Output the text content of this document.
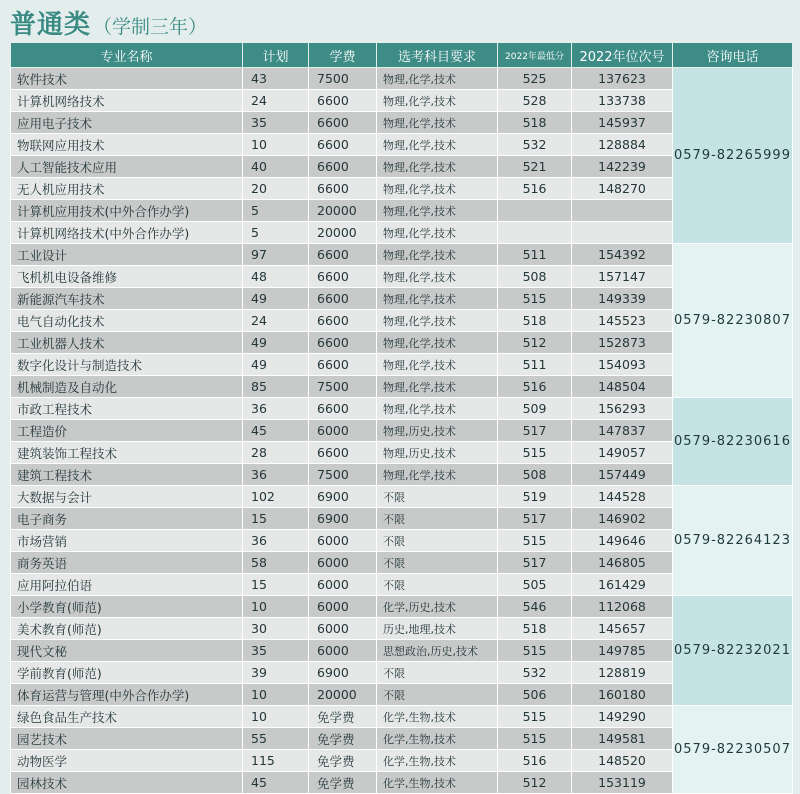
普通类 （学制三年）
专业名称	计划	学费	选考科目要求	2022年最低分	2022年位次号	咨询电话
软件技术	43	7500	物理,化学,技术	525	137623	0579-82265999
计算机网络技术	24	6600	物理,化学,技术	528	133738	
应用电子技术	35	6600	物理,化学,技术	518	145937	
物联网应用技术	10	6600	物理,化学,技术	532	128884	
人工智能技术应用	40	6600	物理,化学,技术	521	142239	
无人机应用技术	20	6600	物理,化学,技术	516	148270	
计算机应用技术(中外合作办学)	5	20000	物理,化学,技术			
计算机网络技术(中外合作办学)	5	20000	物理,化学,技术			
工业设计	97	6600	物理,化学,技术	511	154392	0579-82230807
飞机机电设备维修	48	6600	物理,化学,技术	508	157147	
新能源汽车技术	49	6600	物理,化学,技术	515	149339	
电气自动化技术	24	6600	物理,化学,技术	518	145523	
工业机器人技术	49	6600	物理,化学,技术	512	152873	
数字化设计与制造技术	49	6600	物理,化学,技术	511	154093	
机械制造及自动化	85	7500	物理,化学,技术	516	148504	
市政工程技术	36	6600	物理,化学,技术	509	156293	0579-82230616
工程造价	45	6000	物理,历史,技术	517	147837	
建筑装饰工程技术	28	6600	物理,历史,技术	515	149057	
建筑工程技术	36	7500	物理,化学,技术	508	157449	
大数据与会计	102	6900	不限	519	144528	0579-82264123
电子商务	15	6900	不限	517	146902	
市场营销	36	6000	不限	515	149646	
商务英语	58	6000	不限	517	146805	
应用阿拉伯语	15	6000	不限	505	161429	
小学教育(师范)	10	6000	化学,历史,技术	546	112068	0579-82232021
美术教育(师范)	30	6000	历史,地理,技术	518	145657	
现代文秘	35	6000	思想政治,历史,技术	515	149785	
学前教育(师范)	39	6900	不限	532	128819	
体育运营与管理(中外合作办学)	10	20000	不限	506	160180	
绿色食品生产技术	10	免学费	化学,生物,技术	515	149290	0579-82230507
园艺技术	55	免学费	化学,生物,技术	515	149581	
动物医学	115	免学费	化学,生物,技术	516	148520	
园林技术	45	免学费	化学,生物,技术	512	153119	
